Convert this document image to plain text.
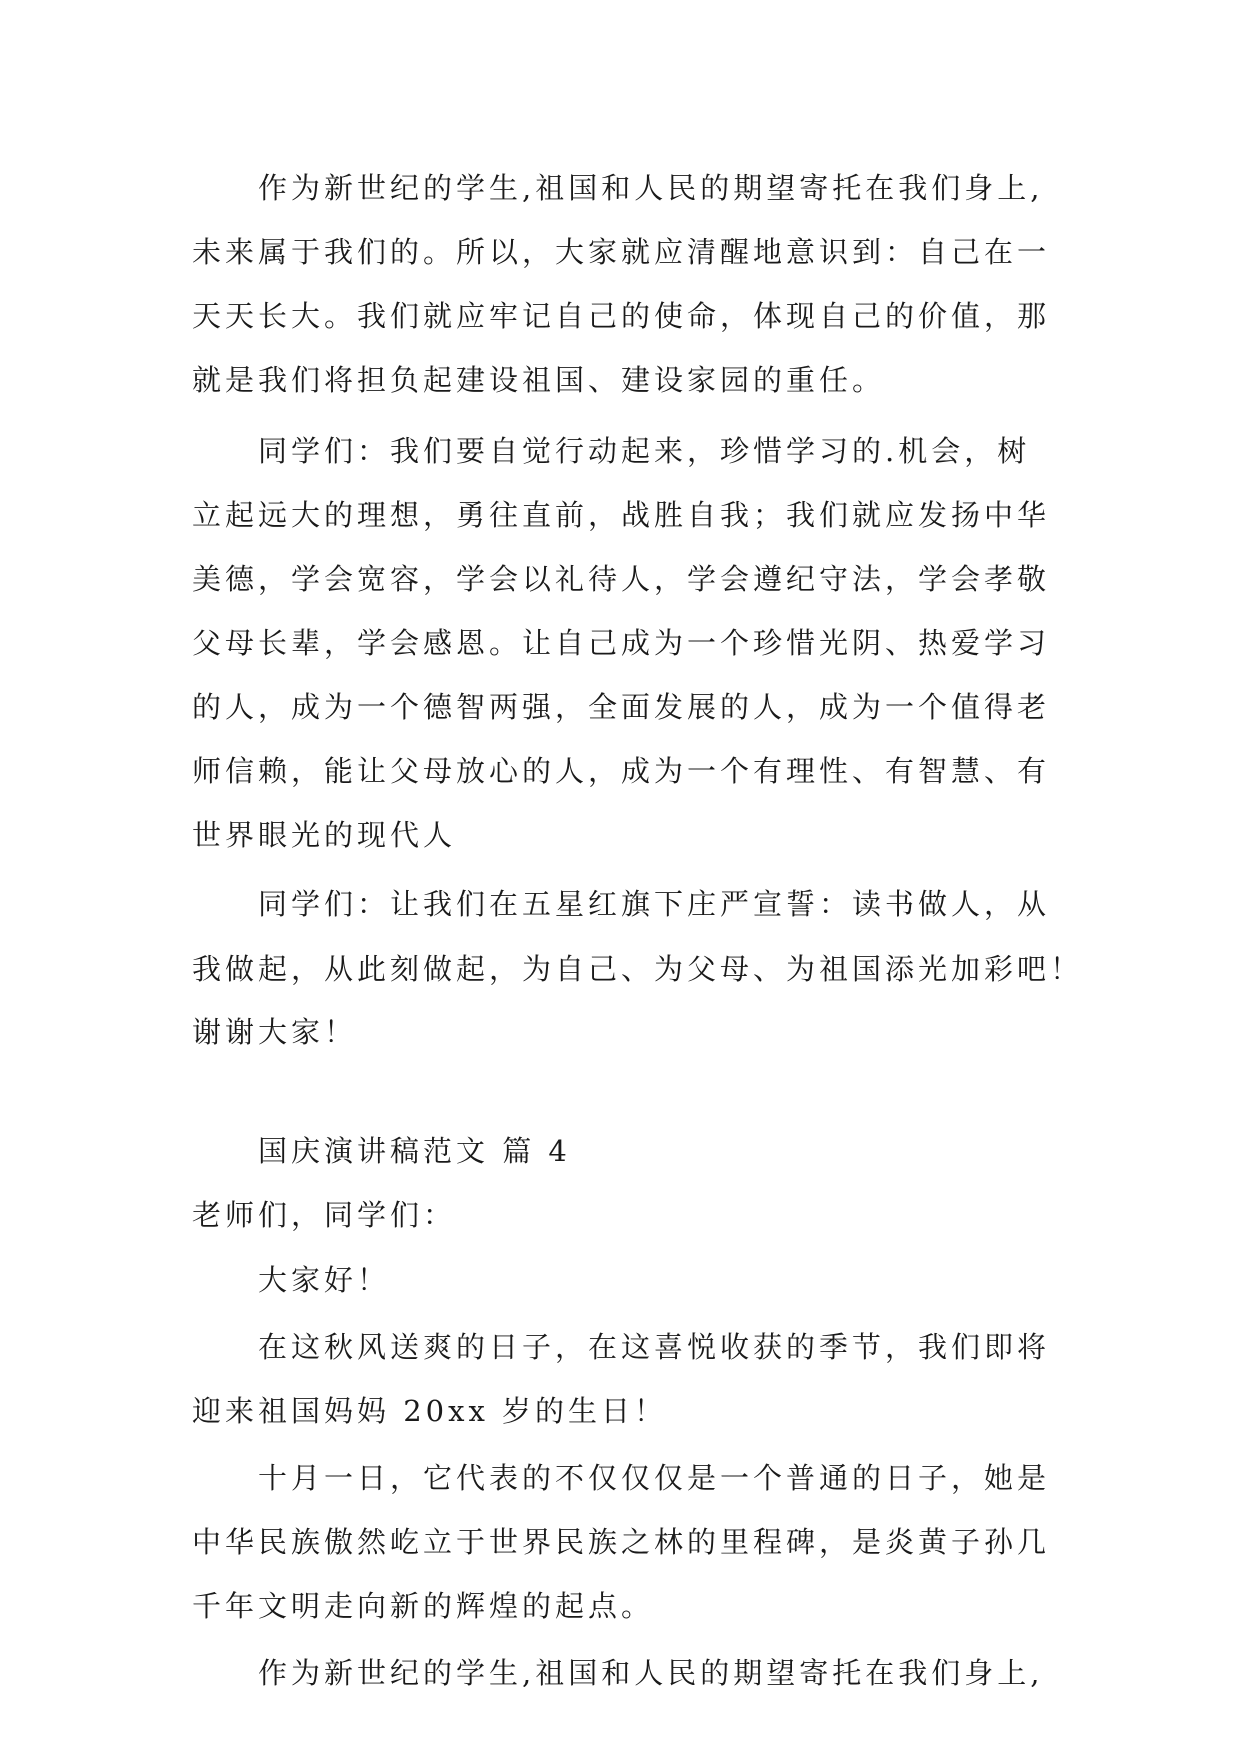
作为新世纪的学生,祖国和人民的期望寄托在我们身上,
未来属于我们的。所以，大家就应清醒地意识到：自己在一
天天长大。我们就应牢记自己的使命，体现自己的价值，那
就是我们将担负起建设祖国、建设家园的重任。
同学们：我们要自觉行动起来，珍惜学习的.机会，树
立起远大的理想，勇往直前，战胜自我；我们就应发扬中华
美德，学会宽容，学会以礼待人，学会遵纪守法，学会孝敬
父母长辈，学会感恩。让自己成为一个珍惜光阴、热爱学习
的人，成为一个德智两强，全面发展的人，成为一个值得老
师信赖，能让父母放心的人，成为一个有理性、有智慧、有
世界眼光的现代人
同学们：让我们在五星红旗下庄严宣誓：读书做人，从
我做起，从此刻做起，为自己、为父母、为祖国添光加彩吧！
谢谢大家！
国庆演讲稿范文 篇 4
老师们，同学们：
大家好！
在这秋风送爽的日子，在这喜悦收获的季节，我们即将
迎来祖国妈妈 20xx 岁的生日！
十月一日，它代表的不仅仅仅是一个普通的日子，她是
中华民族傲然屹立于世界民族之林的里程碑，是炎黄子孙几
千年文明走向新的辉煌的起点。
作为新世纪的学生,祖国和人民的期望寄托在我们身上,
